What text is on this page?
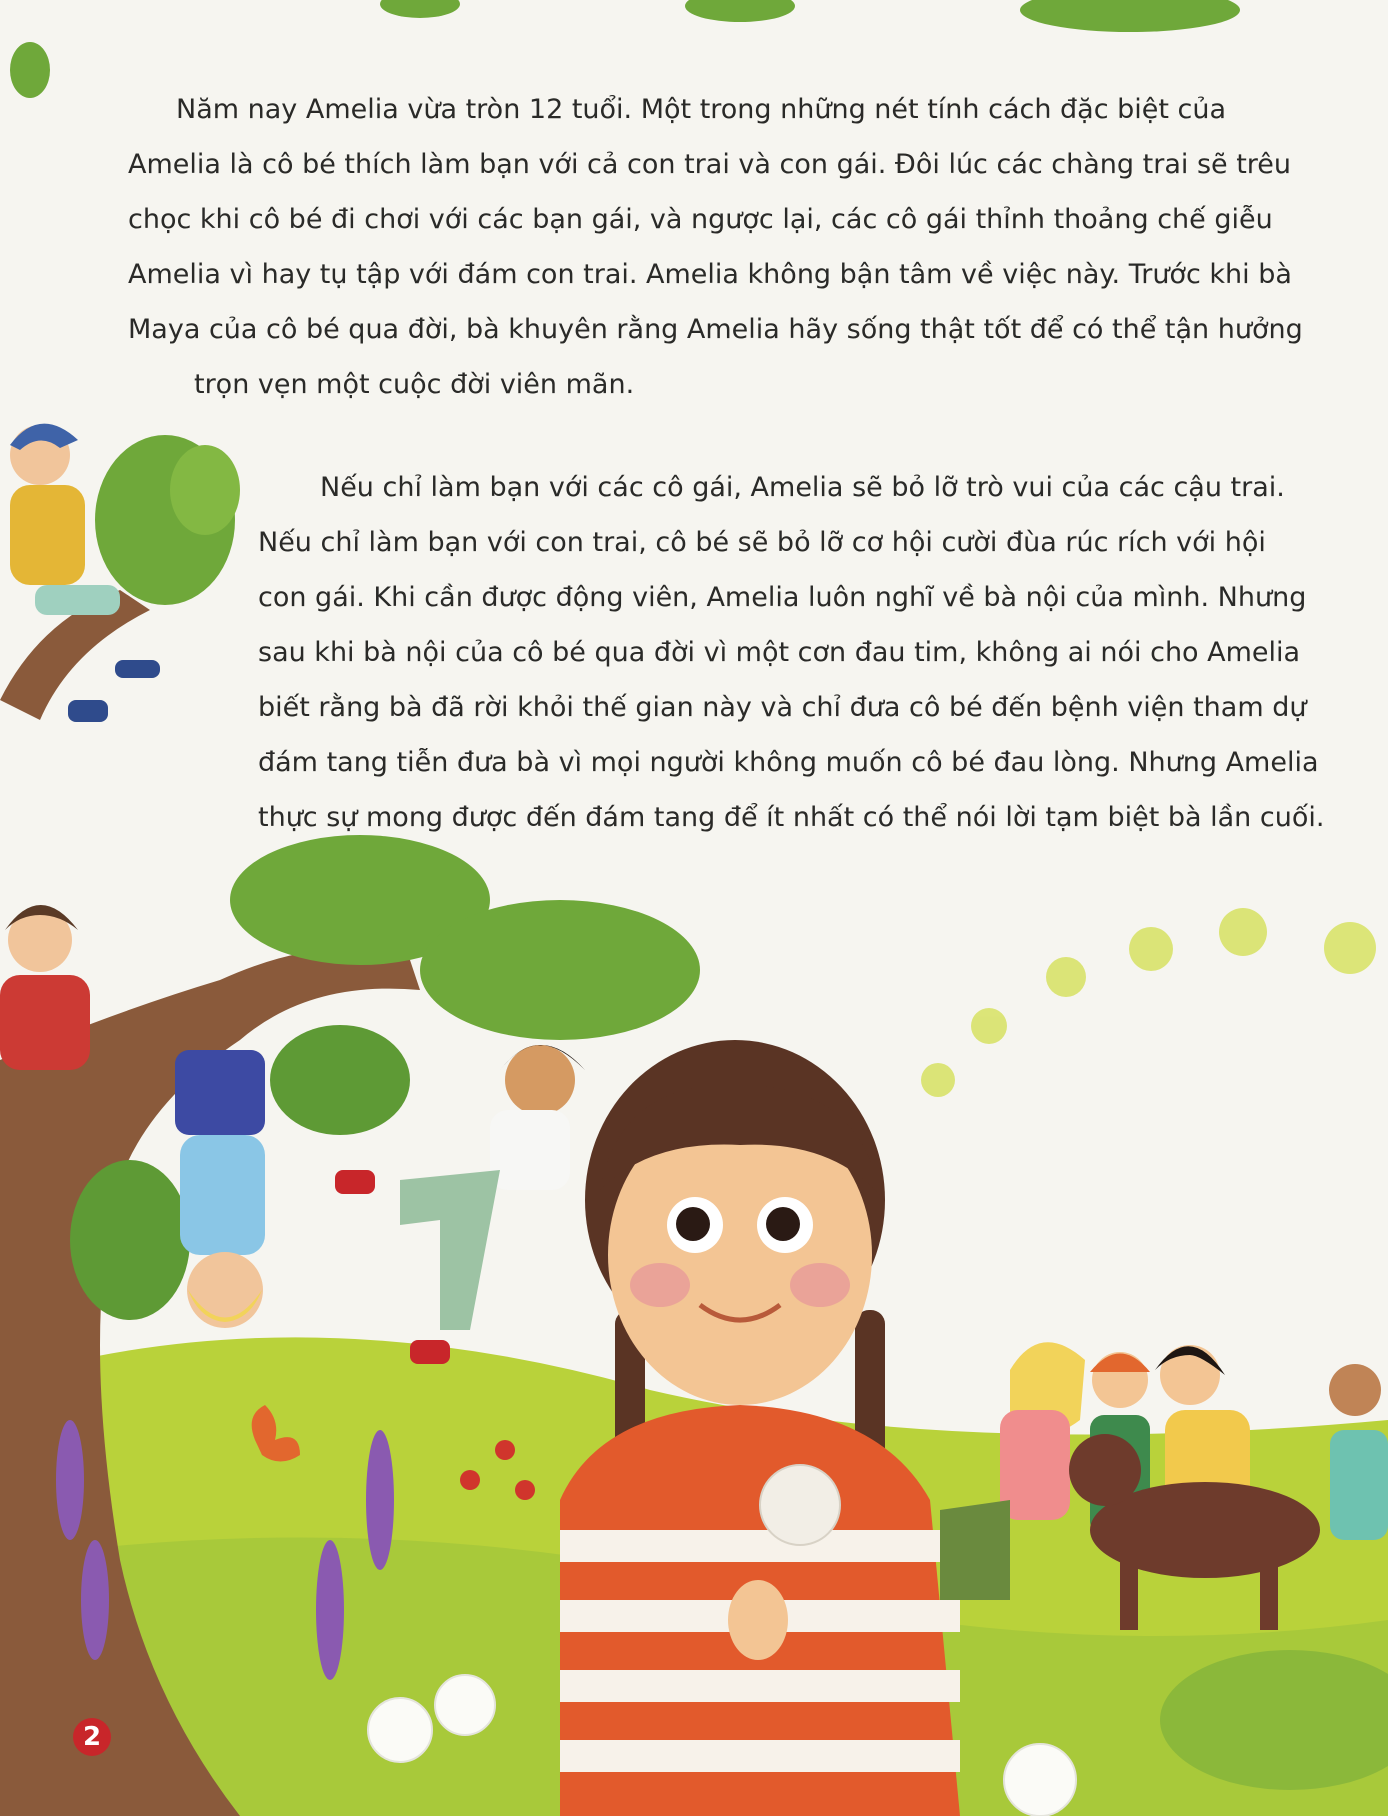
Năm nay Amelia vừa tròn 12 tuổi. Một trong những nét tính cách đặc biệt của
Amelia là cô bé thích làm bạn với cả con trai và con gái. Đôi lúc các chàng trai sẽ trêu
chọc khi cô bé đi chơi với các bạn gái, và ngược lại, các cô gái thỉnh thoảng chế giễu
Amelia vì hay tụ tập với đám con trai. Amelia không bận tâm về việc này. Trước khi bà
Maya của cô bé qua đời, bà khuyên rằng Amelia hãy sống thật tốt để có thể tận hưởng
trọn vẹn một cuộc đời viên mãn.
Nếu chỉ làm bạn với các cô gái, Amelia sẽ bỏ lỡ trò vui của các cậu trai.
Nếu chỉ làm bạn với con trai, cô bé sẽ bỏ lỡ cơ hội cười đùa rúc rích với hội
con gái. Khi cần được động viên, Amelia luôn nghĩ về bà nội của mình. Nhưng
sau khi bà nội của cô bé qua đời vì một cơn đau tim, không ai nói cho Amelia
biết rằng bà đã rời khỏi thế gian này và chỉ đưa cô bé đến bệnh viện tham dự
đám tang tiễn đưa bà vì mọi người không muốn cô bé đau lòng. Nhưng Amelia
thực sự mong được đến đám tang để ít nhất có thể nói lời tạm biệt bà lần cuối.
2
